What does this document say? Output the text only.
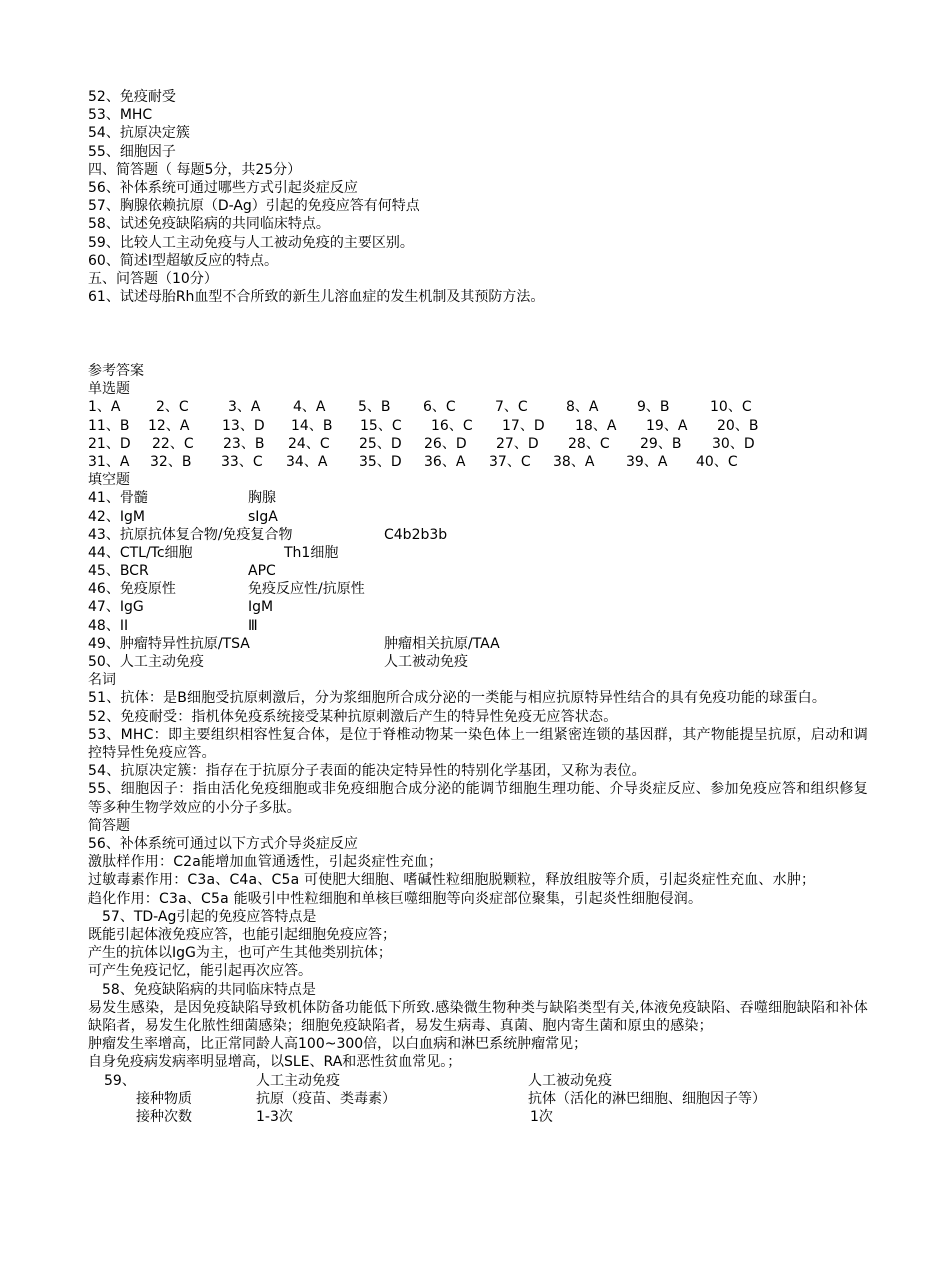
52、免疫耐受
53、MHC
54、抗原决定簇
55、细胞因子
四、简答题（ 每题5分，共25分）
56、补体系统可通过哪些方式引起炎症反应
57、胸腺依赖抗原（D-Ag）引起的免疫应答有何特点
58、试述免疫缺陷病的共同临床特点。
59、比较人工主动免疫与人工被动免疫的主要区别。
60、简述Ⅰ型超敏反应的特点。
五、问答题（10分）
61、试述母胎Rh血型不合所致的新生儿溶血症的发生机制及其预防方法。
参考答案
单选题
1、A	2、C	3、A 4、A 5、B 6、C	7、C	8、A	9、B	10、C
11、B 12、A 13、D 14、B 15、C 16、C 17、D 18、A 19、A 20、B
21、D 22、C 23、B 24、C 25、D 26、D 27、D 28、C 29、B 30、D
31、A 32、B 33、C 34、A 35、D 36、A 37、C 38、A 39、A 40、C
填空题
41、骨髓	胸腺
42、IgM	sIgA
43、抗原抗体复合物/免疫复合物	C4b2b3b
44、CTL/Tc细胞	Th1细胞
45、BCR	APC
46、免疫原性	免疫反应性/抗原性
47、IgG	IgM
48、II	Ⅲ
49、肿瘤特异性抗原/TSA	肿瘤相关抗原/TAA
50、人工主动免疫	人工被动免疫
名词
51、抗体：是B细胞受抗原刺激后，分为浆细胞所合成分泌的一类能与相应抗原特异性结合的具有免疫功能的球蛋白。
52、免疫耐受：指机体免疫系统接受某种抗原刺激后产生的特异性免疫无应答状态。
53、MHC：即主要组织相容性复合体，是位于脊椎动物某一染色体上一组紧密连锁的基因群，其产物能提呈抗原，启动和调控特异性免疫应答。
54、抗原决定簇：指存在于抗原分子表面的能决定特异性的特别化学基团，又称为表位。
55、细胞因子：指由活化免疫细胞或非免疫细胞合成分泌的能调节细胞生理功能、介导炎症反应、参加免疫应答和组织修复等多种生物学效应的小分子多肽。
简答题
56、补体系统可通过以下方式介导炎症反应
激肽样作用：C2a能增加血管通透性，引起炎症性充血；
过敏毒素作用：C3a、C4a、C5a 可使肥大细胞、嗜碱性粒细胞脱颗粒，释放组胺等介质，引起炎症性充血、水肿；
趋化作用：C3a、C5a 能吸引中性粒细胞和单核巨噬细胞等向炎症部位聚集，引起炎性细胞侵润。
57、TD-Ag引起的免疫应答特点是
既能引起体液免疫应答，也能引起细胞免疫应答；
产生的抗体以IgG为主，也可产生其他类别抗体；
可产生免疫记忆，能引起再次应答。
58、免疫缺陷病的共同临床特点是
易发生感染，是因免疫缺陷导致机体防备功能低下所致.感染微生物种类与缺陷类型有关,体液免疫缺陷、吞噬细胞缺陷和补体缺陷者，易发生化脓性细菌感染；细胞免疫缺陷者，易发生病毒、真菌、胞内寄生菌和原虫的感染；
肿瘤发生率增高，比正常同龄人高100~300倍，以白血病和淋巴系统肿瘤常见；
自身免疫病发病率明显增高，以SLE、RA和恶性贫血常见。；
59、	人工主动免疫	人工被动免疫
接种物质	抗原（疫苗、类毒素）	抗体（活化的淋巴细胞、细胞因子等）
接种次数	1-3次	1次
